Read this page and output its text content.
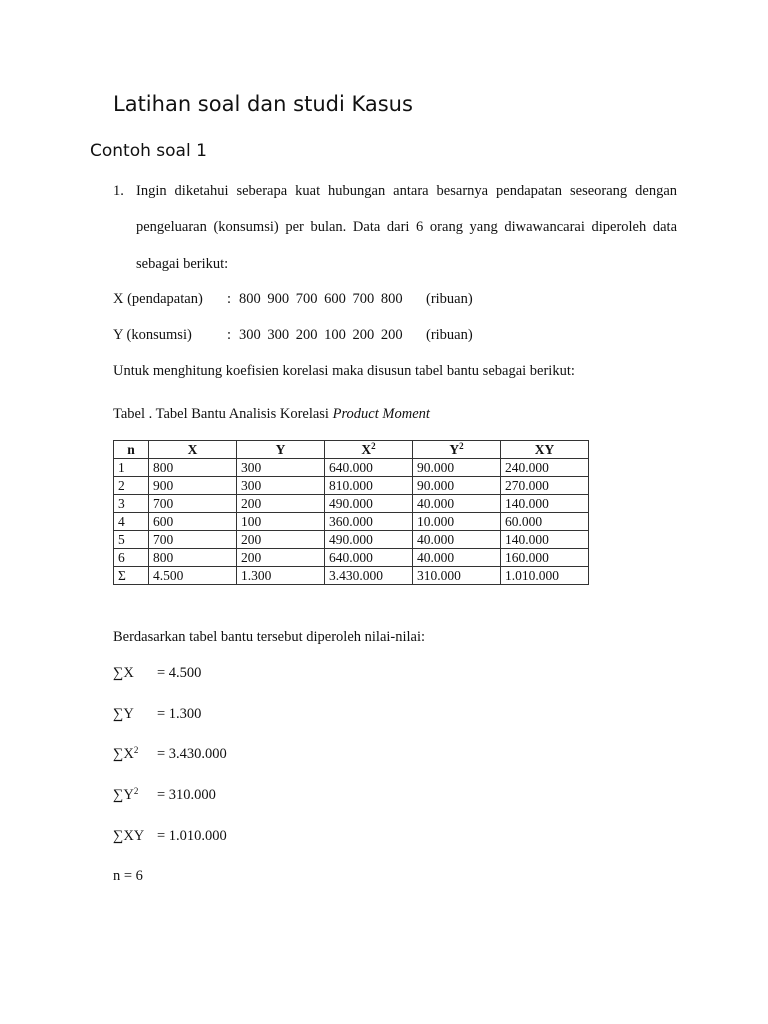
Latihan soal dan studi Kasus
Contoh soal 1
1. Ingin diketahui seberapa kuat hubungan antara besarnya pendapatan seseorang dengan
pengeluaran (konsumsi) per bulan. Data dari 6 orang yang diwawancarai diperoleh data
sebagai berikut:
X (pendapatan) : 800 900 700 600 700 800 (ribuan)
Y (konsumsi) : 300 300 200 100 200 200 (ribuan)
Untuk menghitung koefisien korelasi maka disusun tabel bantu sebagai berikut:
Tabel . Tabel Bantu Analisis Korelasi Product Moment
n	X	Y	$X^2$	$Y^2$	XY
1	800	300	640.000	90.000	240.000
2	900	300	810.000	90.000	270.000
3	700	200	490.000	40.000	140.000
4	600	100	360.000	10.000	60.000
5	700	200	490.000	40.000	140.000
6	800	200	640.000	40.000	160.000
Σ	4.500	1.300	3.430.000	310.000	1.010.000
Berdasarkan tabel bantu tersebut diperoleh nilai-nilai:
∑X = 4.500
∑Y = 1.300
$\sum X^2 = 3.430.000$
$\sum Y^2 = 310.000$
∑XY = 1.010.000
n = 6
